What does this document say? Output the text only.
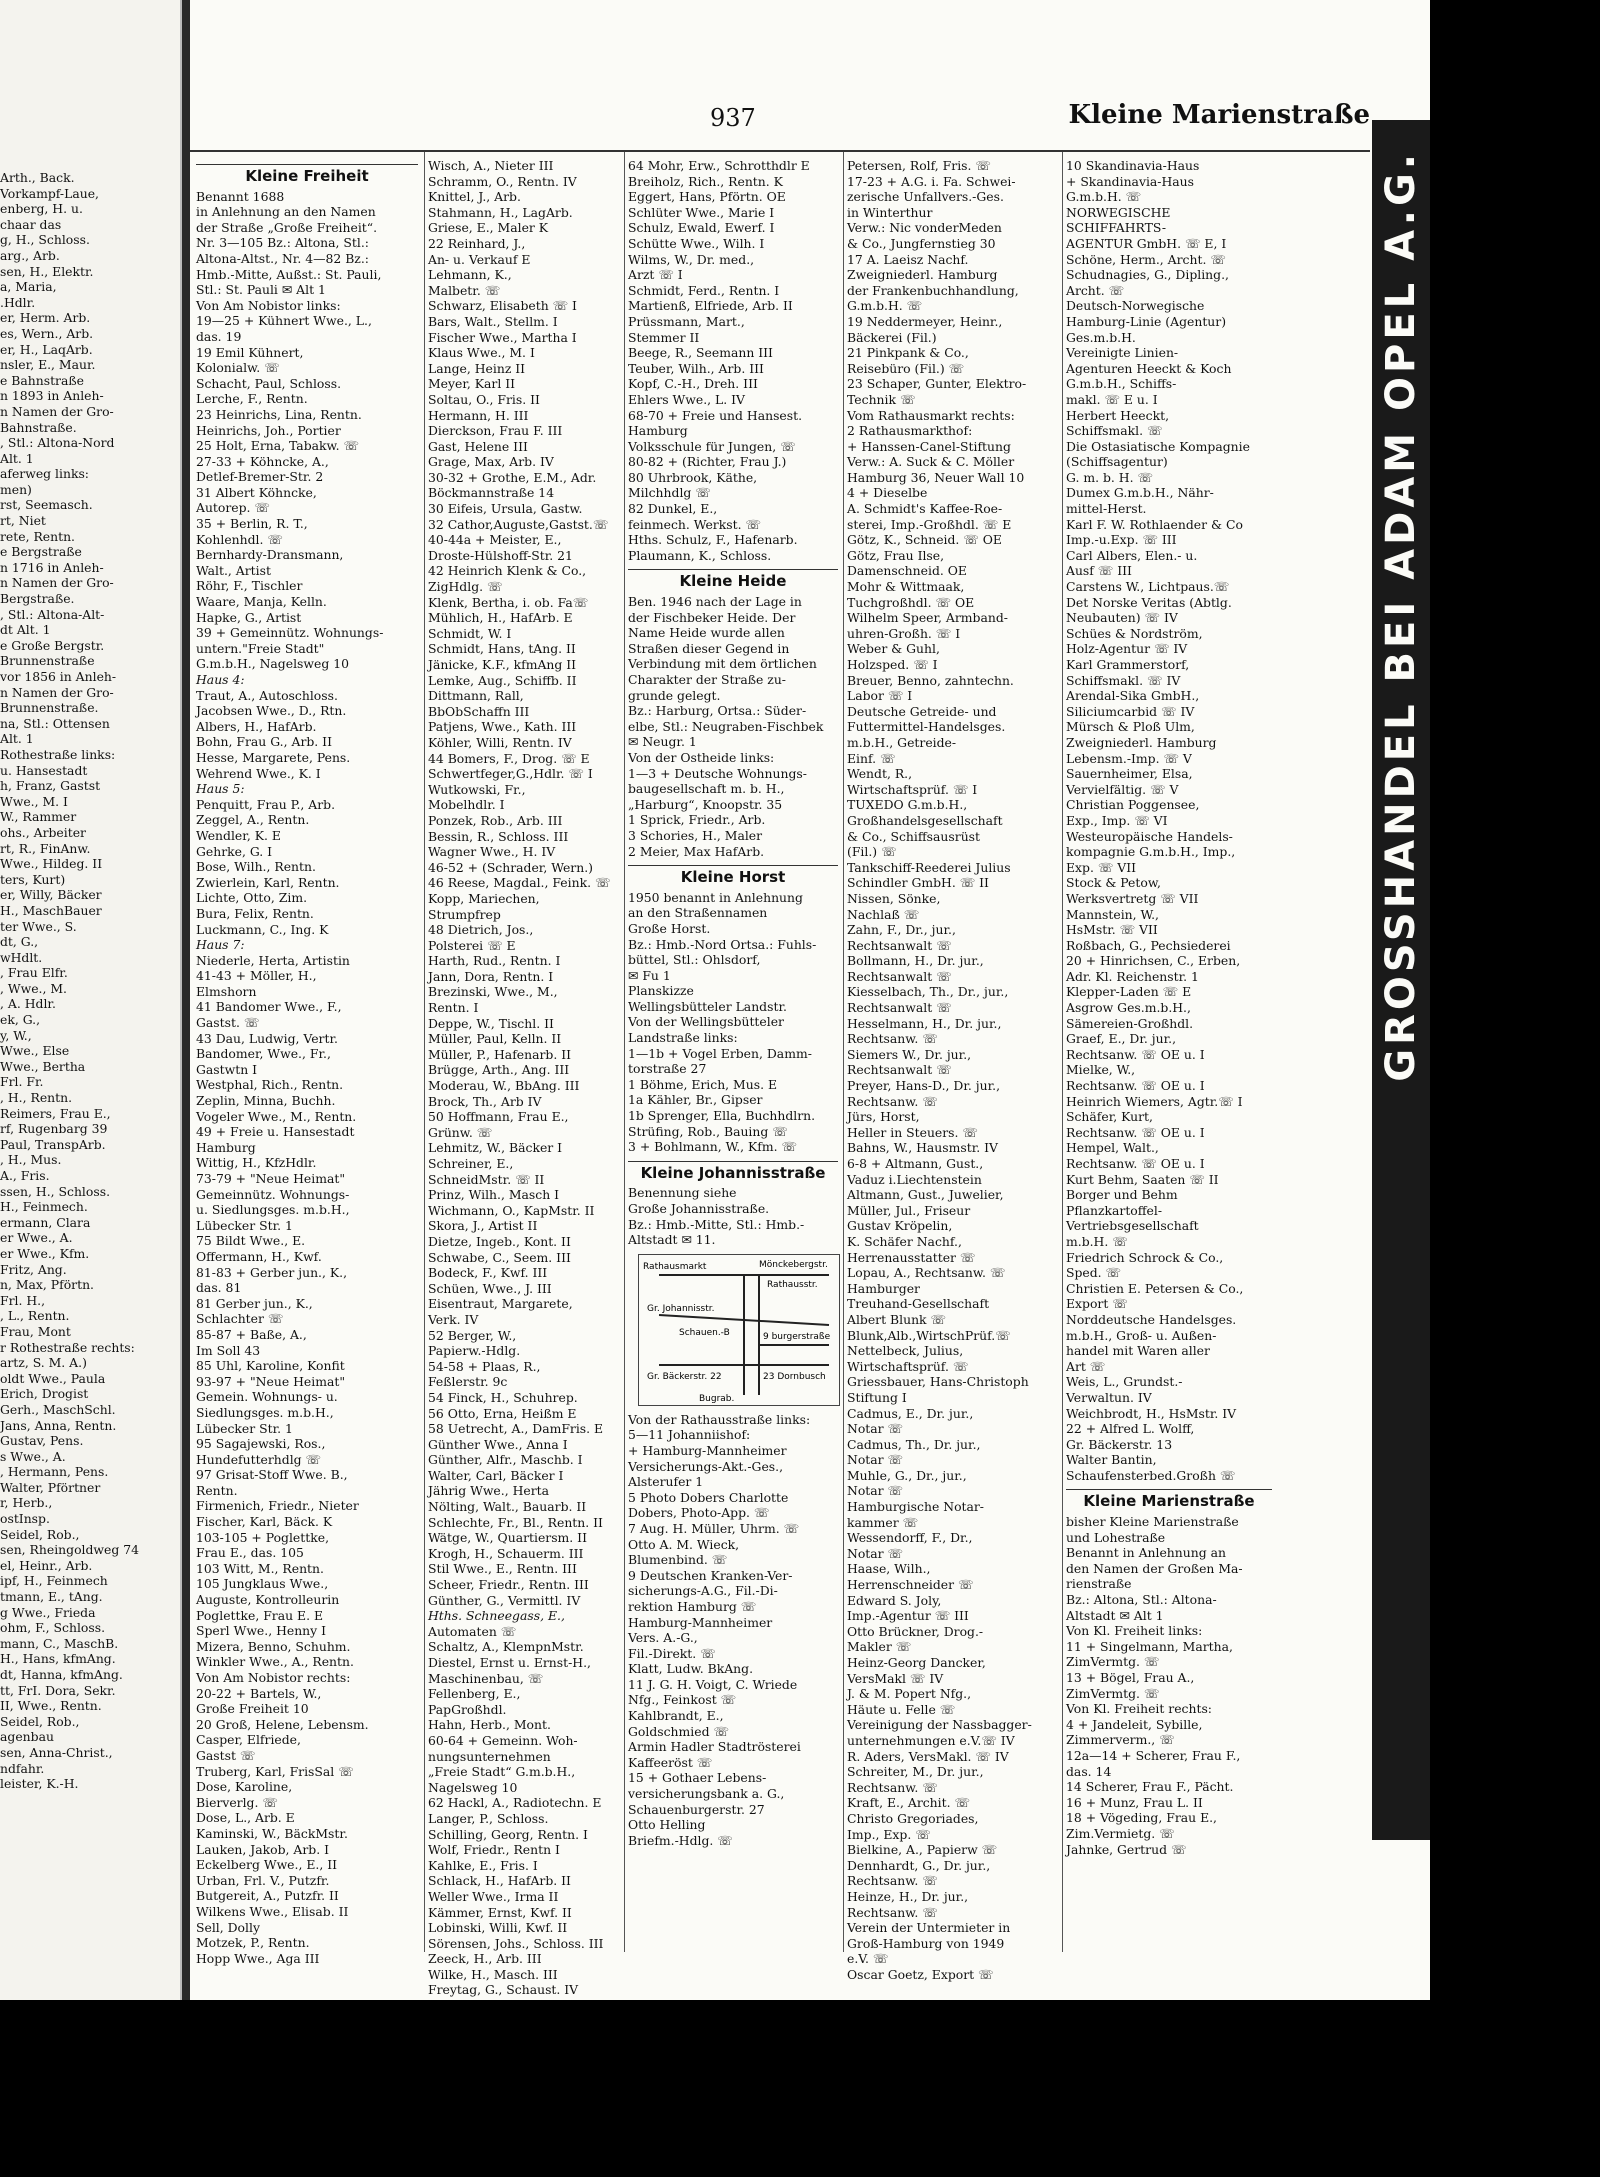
Arth., Back.
Vorkampf-Laue,
enberg, H. u.
chaar das
g, H., Schloss.
arg., Arb.
sen, H., Elektr.
a, Maria,
.Hdlr.
er, Herm. Arb.
es, Wern., Arb.
er, H., LaqArb.
nsler, E., Maur.
e Bahnstraße
n 1893 in Anleh-
n Namen der Gro-
Bahnstraße.
, Stl.: Altona-Nord
Alt. 1
aferweg links:
men)
rst, Seemasch.
rt, Niet
rete, Rentn.
e Bergstraße
n 1716 in Anleh-
n Namen der Gro-
Bergstraße.
, Stl.: Altona-Alt-
dt Alt. 1
e Große Bergstr.
Brunnenstraße
vor 1856 in Anleh-
n Namen der Gro-
Brunnenstraße.
na, Stl.: Ottensen
Alt. 1
Rothestraße links:
u. Hansestadt
h, Franz, Gastst
Wwe., M. I
W., Rammer
ohs., Arbeiter
rt, R., FinAnw.
Wwe., Hildeg. II
ters, Kurt)
er, Willy, Bäcker
H., MaschBauer
ter Wwe., S.
dt, G.,
wHdlt.
, Frau Elfr.
, Wwe., M.
, A. Hdlr.
ek, G.,
y, W.,
Wwe., Else
Wwe., Bertha
Frl. Fr.
, H., Rentn.
Reimers, Frau E.,
rf, Rugenbarg 39
Paul, TranspArb.
, H., Mus.
A., Fris.
ssen, H., Schloss.
H., Feinmech.
ermann, Clara
er Wwe., A.
er Wwe., Kfm.
Fritz, Ang.
n, Max, Pförtn.
Frl. H.,
, L., Rentn.
Frau, Mont
r Rothestraße rechts:
artz, S. M. A.)
oldt Wwe., Paula
Erich, Drogist
Gerh., MaschSchl.
Jans, Anna, Rentn.
Gustav, Pens.
s Wwe., A.
, Hermann, Pens.
Walter, Pförtner
r, Herb.,
ostInsp.
Seidel, Rob.,
sen, Rheingoldweg 74
el, Heinr., Arb.
ipf, H., Feinmech
tmann, E., tAng.
g Wwe., Frieda
ohm, F., Schloss.
mann, C., MaschB.
H., Hans, kfmAng.
dt, Hanna, kfmAng.
tt, FrI. Dora, Sekr.
II, Wwe., Rentn.
Seidel, Rob.,
agenbau
sen, Anna-Christ.,
ndfahr.
leister, K.-H.
937	Kleine Marienstraße
Kleine Freiheit
Benannt 1688
in Anlehnung an den Namen
der Straße „Große Freiheit“.
Nr. 3—105 Bz.: Altona, Stl.:
Altona-Altst., Nr. 4—82 Bz.:
Hmb.-Mitte, Außst.: St. Pauli,
Stl.: St. Pauli ✉ Alt 1
Von Am Nobistor links:
19—25 + Kühnert Wwe., L.,
das. 19
19 Emil Kühnert,
Kolonialw. ☏
Schacht, Paul, Schloss.
Lerche, F., Rentn.
23 Heinrichs, Lina, Rentn.
Heinrichs, Joh., Portier
25 Holt, Erna, Tabakw. ☏
27-33 + Köhncke, A.,
Detlef-Bremer-Str. 2
31 Albert Köhncke,
Autorep. ☏
35 + Berlin, R. T.,
Kohlenhdl. ☏
Bernhardy-Dransmann,
Walt., Artist
Röhr, F., Tischler
Waare, Manja, Kelln.
Hapke, G., Artist
39 + Gemeinnütz. Wohnungs-
untern."Freie Stadt"
G.m.b.H., Nagelsweg 10
Haus 4:
Traut, A., Autoschloss.
Jacobsen Wwe., D., Rtn.
Albers, H., HafArb.
Bohn, Frau G., Arb. II
Hesse, Margarete, Pens.
Wehrend Wwe., K. I
Haus 5:
Penquitt, Frau P., Arb.
Zeggel, A., Rentn.
Wendler, K. E
Gehrke, G. I
Bose, Wilh., Rentn.
Zwierlein, Karl, Rentn.
Lichte, Otto, Zim.
Bura, Felix, Rentn.
Luckmann, C., Ing. K
Haus 7:
Niederle, Herta, Artistin
41-43 + Möller, H.,
Elmshorn
41 Bandomer Wwe., F.,
Gastst. ☏
43 Dau, Ludwig, Vertr.
Bandomer, Wwe., Fr.,
Gastwtn I
Westphal, Rich., Rentn.
Zeplin, Minna, Buchh.
Vogeler Wwe., M., Rentn.
49 + Freie u. Hansestadt
Hamburg
Wittig, H., KfzHdlr.
73-79 + "Neue Heimat"
Gemeinnütz. Wohnungs-
u. Siedlungsges. m.b.H.,
Lübecker Str. 1
75 Bildt Wwe., E.
Offermann, H., Kwf.
81-83 + Gerber jun., K.,
das. 81
81 Gerber jun., K.,
Schlachter ☏
85-87 + Baße, A.,
Im Soll 43
85 Uhl, Karoline, Konfit
93-97 + "Neue Heimat"
Gemein. Wohnungs- u.
Siedlungsges. m.b.H.,
Lübecker Str. 1
95 Sagajewski, Ros.,
Hundefutterhdlg ☏
97 Grisat-Stoff Wwe. B.,
Rentn.
Firmenich, Friedr., Nieter
Fischer, Karl, Bäck. K
103-105 + Poglettke,
Frau E., das. 105
103 Witt, M., Rentn.
105 Jungklaus Wwe.,
Auguste, Kontrolleurin
Poglettke, Frau E. E
Sperl Wwe., Henny I
Mizera, Benno, Schuhm.
Winkler Wwe., A., Rentn.
Von Am Nobistor rechts:
20-22 + Bartels, W.,
Große Freiheit 10
20 Groß, Helene, Lebensm.
Casper, Elfriede,
Gastst ☏
Truberg, Karl, FrisSal ☏
Dose, Karoline,
Bierverlg. ☏
Dose, L., Arb. E
Kaminski, W., BäckMstr.
Lauken, Jakob, Arb. I
Eckelberg Wwe., E., II
Urban, Frl. V., Putzfr.
Butgereit, A., Putzfr. II
Wilkens Wwe., Elisab. II
Sell, Dolly
Motzek, P., Rentn.
Hopp Wwe., Aga III
Wisch, A., Nieter III
Schramm, O., Rentn. IV
Knittel, J., Arb.
Stahmann, H., LagArb.
Griese, E., Maler K
22 Reinhard, J.,
An- u. Verkauf E
Lehmann, K.,
Malbetr. ☏
Schwarz, Elisabeth ☏ I
Bars, Walt., Stellm. I
Fischer Wwe., Martha I
Klaus Wwe., M. I
Lange, Heinz II
Meyer, Karl II
Soltau, O., Fris. II
Hermann, H. III
Dierckson, Frau F. III
Gast, Helene III
Grage, Max, Arb. IV
30-32 + Grothe, E.M., Adr.
Böckmannstraße 14
30 Eifeis, Ursula, Gastw.
32 Cathor,Auguste,Gastst.☏
40-44a + Meister, E.,
Droste-Hülshoff-Str. 21
42 Heinrich Klenk & Co.,
ZigHdlg. ☏
Klenk, Bertha, i. ob. Fa☏
Mühlich, H., HafArb. E
Schmidt, W. I
Schmidt, Hans, tAng. II
Jänicke, K.F., kfmAng II
Lemke, Aug., Schiffb. II
Dittmann, Rall,
BbObSchaffn III
Patjens, Wwe., Kath. III
Köhler, Willi, Rentn. IV
44 Bomers, F., Drog. ☏ E
Schwertfeger,G.,Hdlr. ☏ I
Wutkowski, Fr.,
Mobelhdlr. I
Ponzek, Rob., Arb. III
Bessin, R., Schloss. III
Wagner Wwe., H. IV
46-52 + (Schrader, Wern.)
46 Reese, Magdal., Feink. ☏
Kopp, Mariechen,
Strumpfrep
48 Dietrich, Jos.,
Polsterei ☏ E
Harth, Rud., Rentn. I
Jann, Dora, Rentn. I
Brezinski, Wwe., M.,
Rentn. I
Deppe, W., Tischl. II
Müller, Paul, Kelln. II
Müller, P., Hafenarb. II
Brügge, Arth., Ang. III
Moderau, W., BbAng. III
Brock, Th., Arb IV
50 Hoffmann, Frau E.,
Grünw. ☏
Lehmitz, W., Bäcker I
Schreiner, E.,
SchneidMstr. ☏ II
Prinz, Wilh., Masch I
Wichmann, O., KapMstr. II
Skora, J., Artist II
Dietze, Ingeb., Kont. II
Schwabe, C., Seem. III
Bodeck, F., Kwf. III
Schüen, Wwe., J. III
Eisentraut, Margarete,
Verk. IV
52 Berger, W.,
Papierw.-Hdlg.
54-58 + Plaas, R.,
Feßlerstr. 9c
54 Finck, H., Schuhrep.
56 Otto, Erna, Heißm E
58 Uetrecht, A., DamFris. E
Günther Wwe., Anna I
Günther, Alfr., Maschb. I
Walter, Carl, Bäcker I
Jährig Wwe., Herta
Nölting, Walt., Bauarb. II
Schlechte, Fr., Bl., Rentn. II
Wätge, W., Quartiersm. II
Krogh, H., Schauerm. III
Stil Wwe., E., Rentn. III
Scheer, Friedr., Rentn. III
Günther, G., Vermittl. IV
Hths. Schneegass, E.,
Automaten ☏
Schaltz, A., KlempnMstr.
Diestel, Ernst u. Ernst-H.,
Maschinenbau, ☏
Fellenberg, E.,
PapGroßhdl.
Hahn, Herb., Mont.
60-64 + Gemeinn. Woh-
nungsunternehmen
„Freie Stadt“ G.m.b.H.,
Nagelsweg 10
62 Hackl, A., Radiotechn. E
Langer, P., Schloss.
Schilling, Georg, Rentn. I
Wolf, Friedr., Rentn I
Kahlke, E., Fris. I
Schlack, H., HafArb. II
Weller Wwe., Irma II
Kämmer, Ernst, Kwf. II
Lobinski, Willi, Kwf. II
Sörensen, Johs., Schloss. III
Zeeck, H., Arb. III
Wilke, H., Masch. III
Freytag, G., Schaust. IV
64 Mohr, Erw., Schrotthdlr E
Breiholz, Rich., Rentn. K
Eggert, Hans, Pförtn. OE
Schlüter Wwe., Marie I
Schulz, Ewald, Ewerf. I
Schütte Wwe., Wilh. I
Wilms, W., Dr. med.,
Arzt ☏ I
Schmidt, Ferd., Rentn. I
Martienß, Elfriede, Arb. II
Prüssmann, Mart.,
Stemmer II
Beege, R., Seemann III
Teuber, Wilh., Arb. III
Kopf, C.-H., Dreh. III
Ehlers Wwe., L. IV
68-70 + Freie und Hansest.
Hamburg
Volksschule für Jungen, ☏
80-82 + (Richter, Frau J.)
80 Uhrbrook, Käthe,
Milchhdlg ☏
82 Dunkel, E.,
feinmech. Werkst. ☏
Hths. Schulz, F., Hafenarb.
Plaumann, K., Schloss.
Kleine Heide
Ben. 1946 nach der Lage in
der Fischbeker Heide. Der
Name Heide wurde allen
Straßen dieser Gegend in
Verbindung mit dem örtlichen
Charakter der Straße zu-
grunde gelegt.
Bz.: Harburg, Ortsa.: Süder-
elbe, Stl.: Neugraben-Fischbek
✉ Neugr. 1
Von der Ostheide links:
1—3 + Deutsche Wohnungs-
baugesellschaft m. b. H.,
„Harburg“, Knoopstr. 35
1 Sprick, Friedr., Arb.
3 Schories, H., Maler
2 Meier, Max HafArb.
Kleine Horst
1950 benannt in Anlehnung
an den Straßennamen
Große Horst.
Bz.: Hmb.-Nord Ortsa.: Fuhls-
büttel, Stl.: Ohlsdorf,
✉ Fu 1
Planskizze
Wellingsbütteler Landstr.
Von der Wellingsbütteler
Landstraße links:
1—1b + Vogel Erben, Damm-
torstraße 27
1 Böhme, Erich, Mus. E
1a Kähler, Br., Gipser
1b Sprenger, Ella, Buchhdlrn.
Strüfing, Rob., Bauing ☏
3 + Bohlmann, W., Kfm. ☏
Kleine Johannisstraße
Benennung siehe
Große Johannisstraße.
Bz.: Hmb.-Mitte, Stl.: Hmb.-
Altstadt ✉ 11.
Rathausmarkt	Mönckebergstr.
Rathausstr.
Gr. Johannisstr.
Schauen.-B	9 burgerstraße
Gr. Bäckerstr. 22	23 Dornbusch
Bugrab.
Von der Rathausstraße links:
5—11 Johanniishof:
+ Hamburg-Mannheimer
Versicherungs-Akt.-Ges.,
Alsterufer 1
5 Photo Dobers Charlotte
Dobers, Photo-App. ☏
7 Aug. H. Müller, Uhrm. ☏
Otto A. M. Wieck,
Blumenbind. ☏
9 Deutschen Kranken-Ver-
sicherungs-A.G., Fil.-Di-
rektion Hamburg ☏
Hamburg-Mannheimer
Vers. A.-G.,
Fil.-Direkt. ☏
Klatt, Ludw. BkAng.
11 J. G. H. Voigt, C. Wriede
Nfg., Feinkost ☏
Kahlbrandt, E.,
Goldschmied ☏
Armin Hadler Stadtrösterei
Kaffeeröst ☏
15 + Gothaer Lebens-
versicherungsbank a. G.,
Schauenburgerstr. 27
Otto Helling
Briefm.-Hdlg. ☏
Petersen, Rolf, Fris. ☏
17-23 + A.G. i. Fa. Schwei-
zerische Unfallvers.-Ges.
in Winterthur
Verw.: Nic vonderMeden
& Co., Jungfernstieg 30
17 A. Laeisz Nachf.
Zweigniederl. Hamburg
der Frankenbuchhandlung,
G.m.b.H. ☏
19 Neddermeyer, Heinr.,
Bäckerei (Fil.)
21 Pinkpank & Co.,
Reisebüro (Fil.) ☏
23 Schaper, Gunter, Elektro-
Technik ☏
Vom Rathausmarkt rechts:
2 Rathausmarkthof:
+ Hanssen-Canel-Stiftung
Verw.: A. Suck & C. Möller
Hamburg 36, Neuer Wall 10
4 + Dieselbe
A. Schmidt's Kaffee-Roe-
sterei, Imp.-Großhdl. ☏ E
Götz, K., Schneid. ☏ OE
Götz, Frau Ilse,
Damenschneid. OE
Mohr & Wittmaak,
Tuchgroßhdl. ☏ OE
Wilhelm Speer, Armband-
uhren-Großh. ☏ I
Weber & Guhl,
Holzsped. ☏ I
Breuer, Benno, zahntechn.
Labor ☏ I
Deutsche Getreide- und
Futtermittel-Handelsges.
m.b.H., Getreide-
Einf. ☏
Wendt, R.,
Wirtschaftsprüf. ☏ I
TUXEDO G.m.b.H.,
Großhandelsgesellschaft
& Co., Schiffsausrüst
(Fil.) ☏
Tankschiff-Reederei Julius
Schindler GmbH. ☏ II
Nissen, Sönke,
Nachlaß ☏
Zahn, F., Dr., jur.,
Rechtsanwalt ☏
Bollmann, H., Dr. jur.,
Rechtsanwalt ☏
Kiesselbach, Th., Dr., jur.,
Rechtsanwalt ☏
Hesselmann, H., Dr. jur.,
Rechtsanw. ☏
Siemers W., Dr. jur.,
Rechtsanwalt ☏
Preyer, Hans-D., Dr. jur.,
Rechtsanw. ☏
Jürs, Horst,
Heller in Steuers. ☏
Bahns, W., Hausmstr. IV
6-8 + Altmann, Gust.,
Vaduz i.Liechtenstein
Altmann, Gust., Juwelier,
Müller, Jul., Friseur
Gustav Kröpelin,
K. Schäfer Nachf.,
Herrenausstatter ☏
Lopau, A., Rechtsanw. ☏
Hamburger
Treuhand-Gesellschaft
Albert Blunk ☏
Blunk,Alb.,WirtschPrüf.☏
Nettelbeck, Julius,
Wirtschaftsprüf. ☏
Griessbauer, Hans-Christoph
Stiftung I
Cadmus, E., Dr. jur.,
Notar ☏
Cadmus, Th., Dr. jur.,
Notar ☏
Muhle, G., Dr., jur.,
Notar ☏
Hamburgische Notar-
kammer ☏
Wessendorff, F., Dr.,
Notar ☏
Haase, Wilh.,
Herrenschneider ☏
Edward S. Joly,
Imp.-Agentur ☏ III
Otto Brückner, Drog.-
Makler ☏
Heinz-Georg Dancker,
VersMakl ☏ IV
J. & M. Popert Nfg.,
Häute u. Felle ☏
Vereinigung der Nassbagger-
unternehmungen e.V.☏ IV
R. Aders, VersMakl. ☏ IV
Schreiter, M., Dr. jur.,
Rechtsanw. ☏
Kraft, E., Archit. ☏
Christo Gregoriades,
Imp., Exp. ☏
Bielkine, A., Papierw ☏
Dennhardt, G., Dr. jur.,
Rechtsanw. ☏
Heinze, H., Dr. jur.,
Rechtsanw. ☏
Verein der Untermieter in
Groß-Hamburg von 1949
e.V. ☏
Oscar Goetz, Export ☏
10 Skandinavia-Haus
+ Skandinavia-Haus
G.m.b.H. ☏
NORWEGISCHE
SCHIFFAHRTS-
AGENTUR GmbH. ☏ E, I
Schöne, Herm., Archt. ☏
Schudnagies, G., Dipling.,
Archt. ☏
Deutsch-Norwegische
Hamburg-Linie (Agentur)
Ges.m.b.H.
Vereinigte Linien-
Agenturen Heeckt & Koch
G.m.b.H., Schiffs-
makl. ☏ E u. I
Herbert Heeckt,
Schiffsmakl. ☏
Die Ostasiatische Kompagnie
(Schiffsagentur)
G. m. b. H. ☏
Dumex G.m.b.H., Nähr-
mittel-Herst.
Karl F. W. Rothlaender & Co
Imp.-u.Exp. ☏ III
Carl Albers, Elen.- u.
Ausf ☏ III
Carstens W., Lichtpaus.☏
Det Norske Veritas (Abtlg.
Neubauten) ☏ IV
Schües & Nordström,
Holz-Agentur ☏ IV
Karl Grammerstorf,
Schiffsmakl. ☏ IV
Arendal-Sika GmbH.,
Siliciumcarbid ☏ IV
Mürsch & Ploß Ulm,
Zweigniederl. Hamburg
Lebensm.-Imp. ☏ V
Sauernheimer, Elsa,
Vervielfältig. ☏ V
Christian Poggensee,
Exp., Imp. ☏ VI
Westeuropäische Handels-
kompagnie G.m.b.H., Imp.,
Exp. ☏ VII
Stock & Petow,
Werksvertretg ☏ VII
Mannstein, W.,
HsMstr. ☏ VII
Roßbach, G., Pechsiederei
20 + Hinrichsen, C., Erben,
Adr. Kl. Reichenstr. 1
Klepper-Laden ☏ E
Asgrow Ges.m.b.H.,
Sämereien-Großhdl.
Graef, E., Dr. jur.,
Rechtsanw. ☏ OE u. I
Mielke, W.,
Rechtsanw. ☏ OE u. I
Heinrich Wiemers, Agtr.☏ I
Schäfer, Kurt,
Rechtsanw. ☏ OE u. I
Hempel, Walt.,
Rechtsanw. ☏ OE u. I
Kurt Behm, Saaten ☏ II
Borger und Behm
Pflanzkartoffel-
Vertriebsgesellschaft
m.b.H. ☏
Friedrich Schrock & Co.,
Sped. ☏
Christien E. Petersen & Co.,
Export ☏
Norddeutsche Handelsges.
m.b.H., Groß- u. Außen-
handel mit Waren aller
Art ☏
Weis, L., Grundst.-
Verwaltun. IV
Weichbrodt, H., HsMstr. IV
22 + Alfred L. Wolff,
Gr. Bäckerstr. 13
Walter Bantin,
Schaufensterbed.Großh ☏
Kleine Marienstraße
bisher Kleine Marienstraße
und Lohestraße
Benannt in Anlehnung an
den Namen der Großen Ma-
rienstraße
Bz.: Altona, Stl.: Altona-
Altstadt ✉ Alt 1
Von Kl. Freiheit links:
11 + Singelmann, Martha,
ZimVermtg. ☏
13 + Bögel, Frau A.,
ZimVermtg. ☏
Von Kl. Freiheit rechts:
4 + Jandeleit, Sybille,
Zimmerverm., ☏
12a—14 + Scherer, Frau F.,
das. 14
14 Scherer, Frau F., Pächt.
16 + Munz, Frau L. II
18 + Vögeding, Frau E.,
Zim.Vermietg. ☏
Jahnke, Gertrud ☏
GROSSHANDEL BEI ADAM OPEL A.G.
